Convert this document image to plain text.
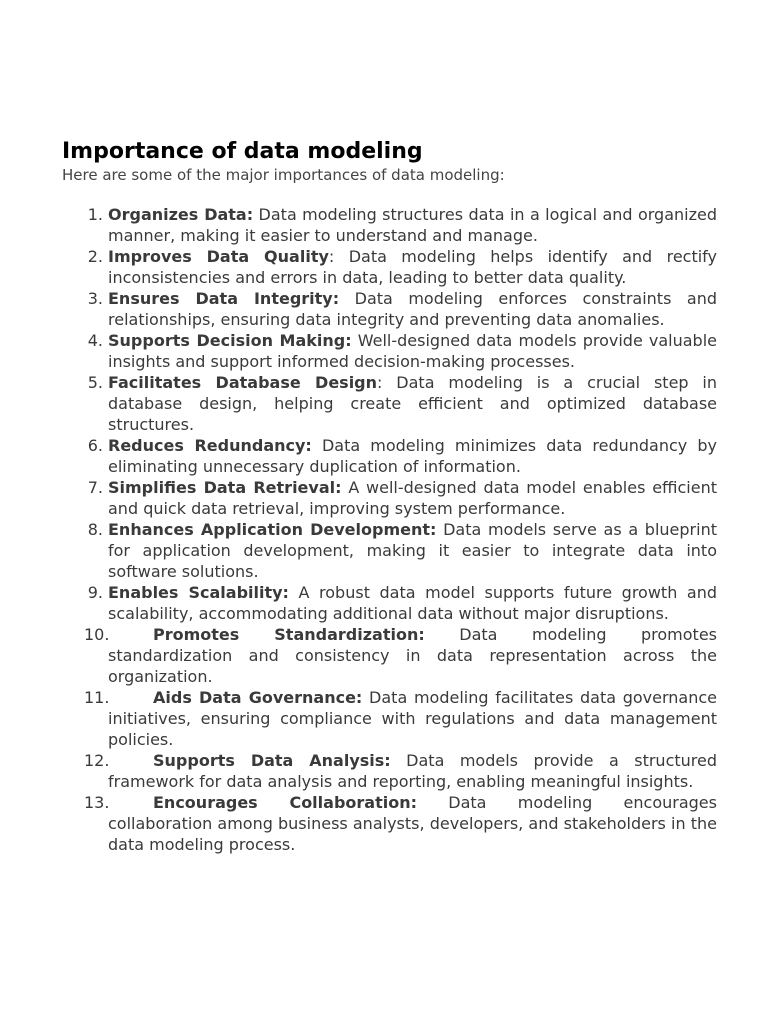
Importance of data modeling

Here are some of the major importances of data modeling:

1. Organizes Data: Data modeling structures data in a logical and organized manner, making it easier to understand and manage.
2. Improves Data Quality: Data modeling helps identify and rectify inconsistencies and errors in data, leading to better data quality.
3. Ensures Data Integrity: Data modeling enforces constraints and relationships, ensuring data integrity and preventing data anomalies.
4. Supports Decision Making: Well-designed data models provide valuable insights and support informed decision-making processes.
5. Facilitates Database Design: Data modeling is a crucial step in database design, helping create efficient and optimized database structures.
6. Reduces Redundancy: Data modeling minimizes data redundancy by eliminating unnecessary duplication of information.
7. Simplifies Data Retrieval: A well-designed data model enables efficient and quick data retrieval, improving system performance.
8. Enhances Application Development: Data models serve as a blueprint for application development, making it easier to integrate data into software solutions.
9. Enables Scalability: A robust data model supports future growth and scalability, accommodating additional data without major disruptions.
10.	Promotes Standardization: Data modeling promotes standardization and consistency in data representation across the organization.
11.	Aids Data Governance: Data modeling facilitates data governance initiatives, ensuring compliance with regulations and data management policies.
12.	Supports Data Analysis: Data models provide a structured framework for data analysis and reporting, enabling meaningful insights.
13.	Encourages Collaboration: Data modeling encourages collaboration among business analysts, developers, and stakeholders in the data modeling process.
